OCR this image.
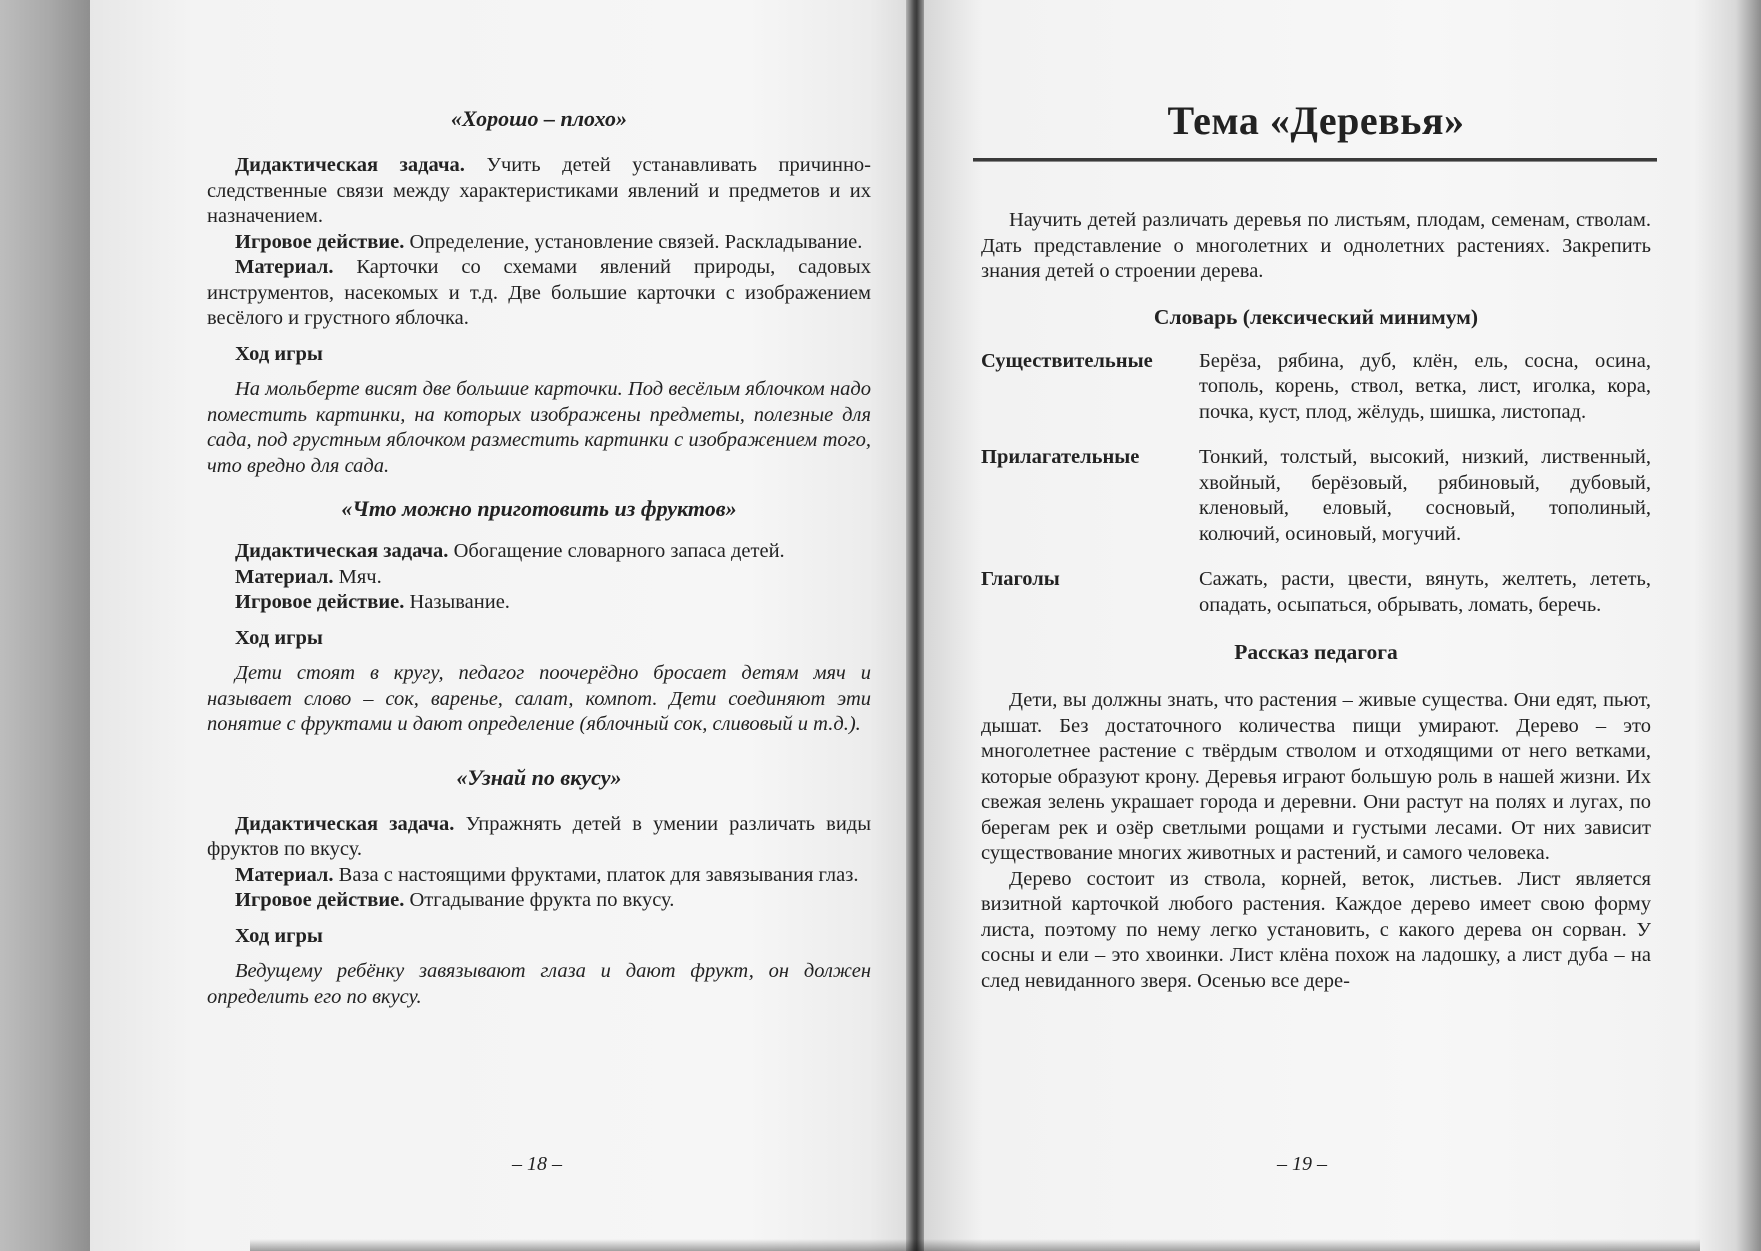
«Хорошо – плохо»

Дидактическая задача. Учить детей устанавливать причинно-следственные связи между характеристиками явлений и предметов и их назначением.

Игровое действие. Определение, установление связей. Раскладывание.

Материал. Карточки со схемами явлений природы, садовых инструментов, насекомых и т.д. Две большие карточки с изображением весёлого и грустного яблочка.

Ход игры

На мольберте висят две большие карточки. Под весёлым яблочком надо поместить картинки, на которых изображены предметы, полезные для сада, под грустным яблочком разместить картинки с изображением того, что вредно для сада.

«Что можно приготовить из фруктов»

Дидактическая задача. Обогащение словарного запаса детей.

Материал. Мяч.

Игровое действие. Называние.

Ход игры

Дети стоят в кругу, педагог поочерёдно бросает детям мяч и называет слово – сок, варенье, салат, компот. Дети соединяют эти понятие с фруктами и дают определение (яблочный сок, сливовый и т.д.).

«Узнай по вкусу»

Дидактическая задача. Упражнять детей в умении различать виды фруктов по вкусу.

Материал. Ваза с настоящими фруктами, платок для завязывания глаз.

Игровое действие. Отгадывание фрукта по вкусу.

Ход игры

Ведущему ребёнку завязывают глаза и дают фрукт, он должен определить его по вкусу.

– 18 –
Тема «Деревья»

Научить детей различать деревья по листьям, плодам, семенам, стволам. Дать представление о многолетних и однолетних растениях. Закрепить знания детей о строении дерева.

Словарь (лексический минимум)
Существительные	Берёза, рябина, дуб, клён, ель, сосна, осина, тополь, корень, ствол, ветка, лист, иголка, кора, почка, куст, плод, жёлудь, шишка, листопад.
Прилагательные	Тонкий, толстый, высокий, низкий, лиственный, хвойный, берёзовый, рябиновый, дубовый, кленовый, еловый, сосновый, тополиный, колючий, осиновый, могучий.
Глаголы	Сажать, расти, цвести, вянуть, желтеть, лететь, опадать, осыпаться, обрывать, ломать, беречь.
Рассказ педагога

Дети, вы должны знать, что растения – живые существа. Они едят, пьют, дышат. Без достаточного количества пищи умирают. Дерево – это многолетнее растение с твёрдым стволом и отходящими от него ветками, которые образуют крону. Деревья играют большую роль в нашей жизни. Их свежая зелень украшает города и деревни. Они растут на полях и лугах, по берегам рек и озёр светлыми рощами и густыми лесами. От них зависит существование многих животных и растений, и самого человека.

Дерево состоит из ствола, корней, веток, листьев. Лист является визитной карточкой любого растения. Каждое дерево имеет свою форму листа, поэтому по нему легко установить, с какого дерева он сорван. У сосны и ели – это хвоинки. Лист клёна похож на ладошку, а лист дуба – на след невиданного зверя. Осенью все дере-

– 19 –
